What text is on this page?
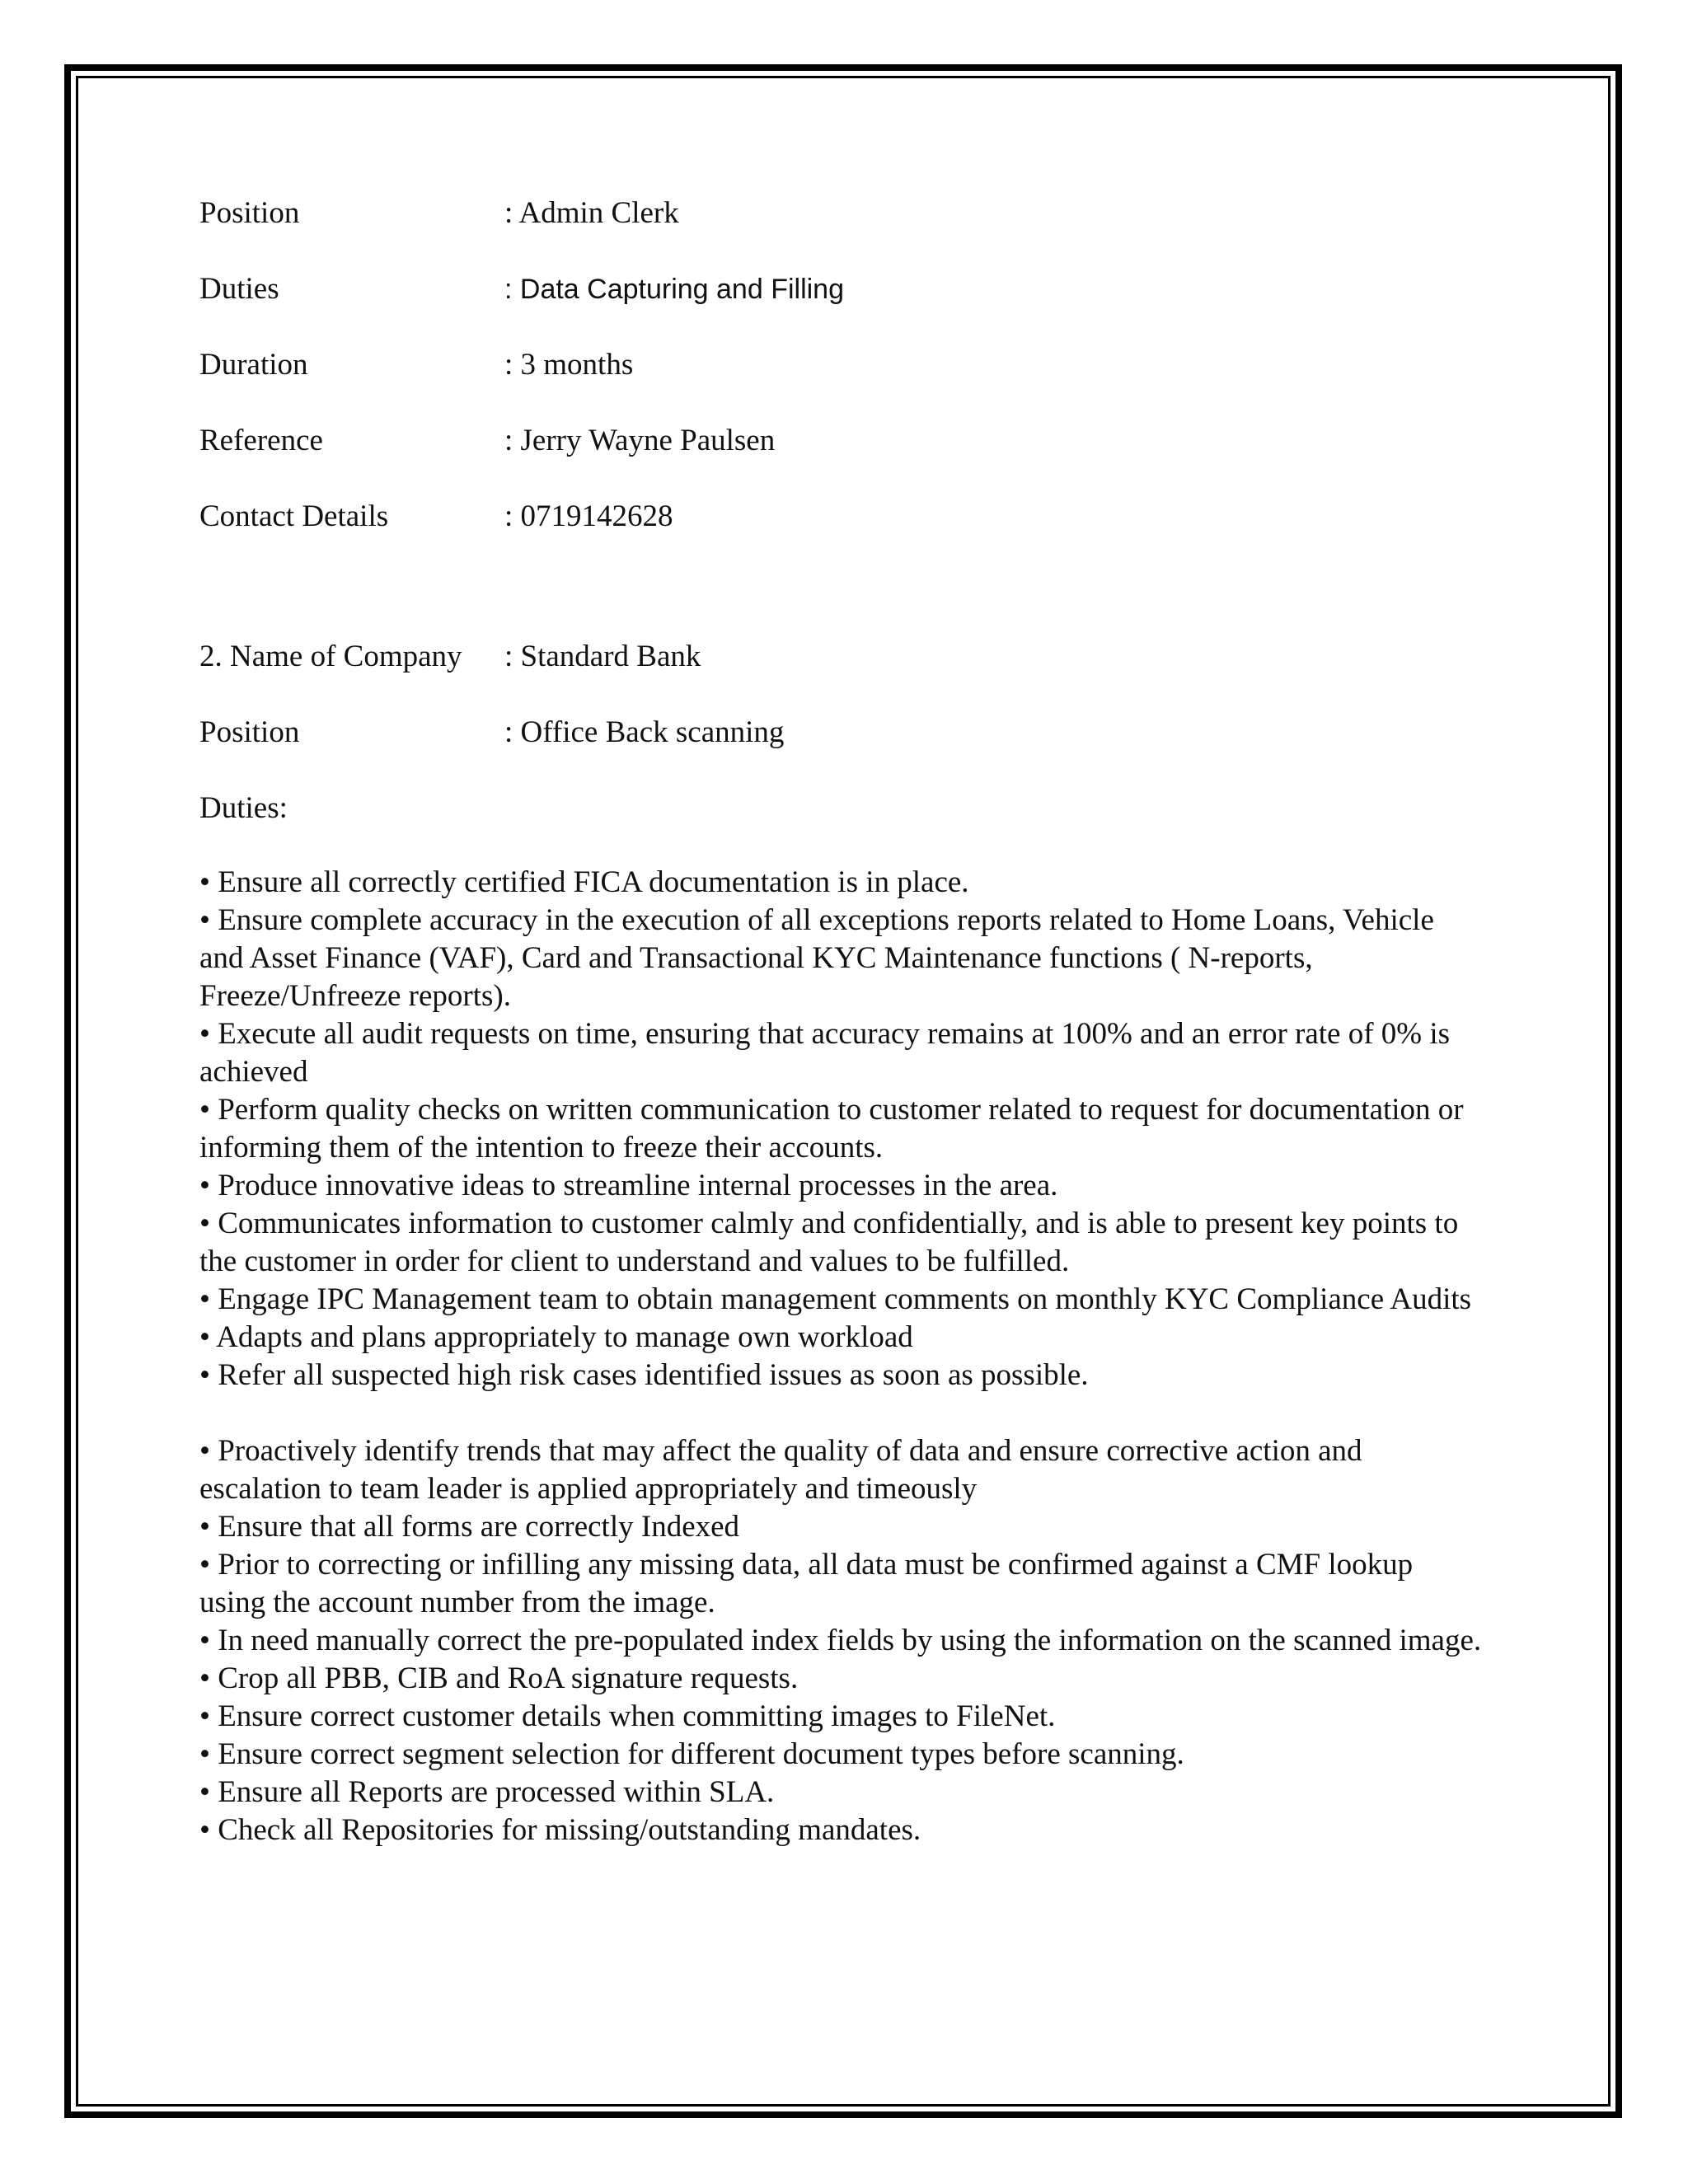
Position	: Admin Clerk
Duties	: Data Capturing and Filling
Duration	: 3 months
Reference	: Jerry Wayne Paulsen
Contact Details	: 0719142628
2. Name of Company	: Standard Bank
Position	: Office Back scanning
Duties:
• Ensure all correctly certified FICA documentation is in place.
• Ensure complete accuracy in the execution of all exceptions reports related to Home Loans, Vehicle and Asset Finance (VAF), Card and Transactional KYC Maintenance functions ( N-reports, Freeze/Unfreeze reports).
• Execute all audit requests on time, ensuring that accuracy remains at 100% and an error rate of 0% is achieved
• Perform quality checks on written communication to customer related to request for documentation or informing them of the intention to freeze their accounts.
• Produce innovative ideas to streamline internal processes in the area.
• Communicates information to customer calmly and confidentially, and is able to present key points to the customer in order for client to understand and values to be fulfilled.
• Engage IPC Management team to obtain management comments on monthly KYC Compliance Audits
• Adapts and plans appropriately to manage own workload
• Refer all suspected high risk cases identified issues as soon as possible.
• Proactively identify trends that may affect the quality of data and ensure corrective action and escalation to team leader is applied appropriately and timeously
• Ensure that all forms are correctly Indexed
• Prior to correcting or infilling any missing data, all data must be confirmed against a CMF lookup using the account number from the image.
• In need manually correct the pre-populated index fields by using the information on the scanned image.
• Crop all PBB, CIB and RoA signature requests.
• Ensure correct customer details when committing images to FileNet.
• Ensure correct segment selection for different document types before scanning.
• Ensure all Reports are processed within SLA.
• Check all Repositories for missing/outstanding mandates.
